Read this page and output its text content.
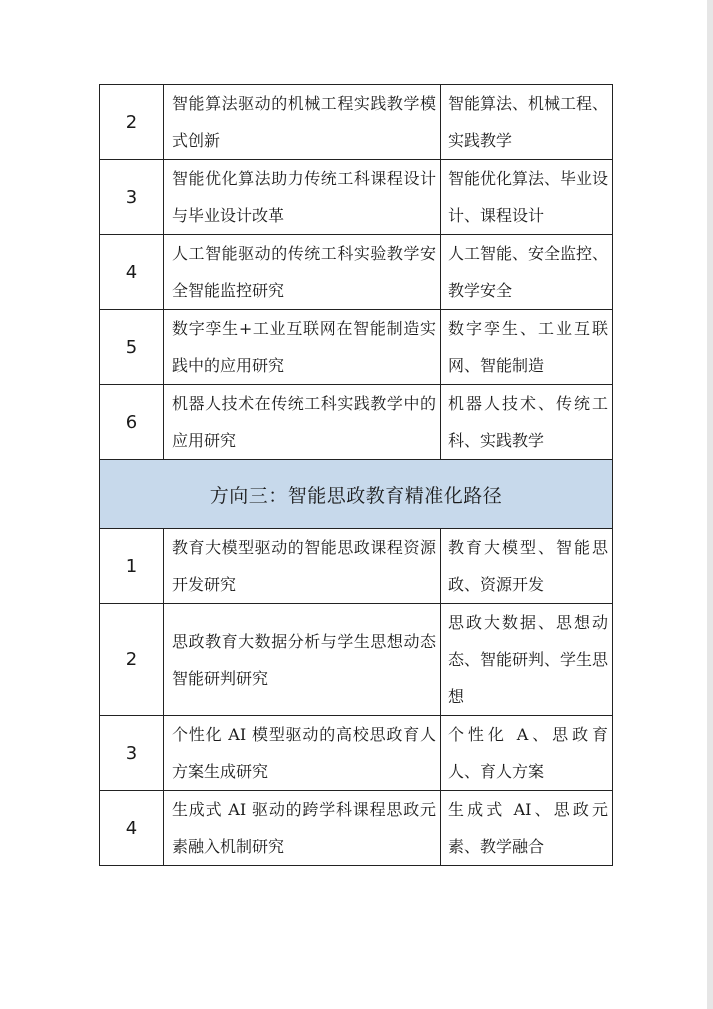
2	智能算法驱动的机械工程实践教学模式创新	智能算法、机械工程、实践教学

3	智能优化算法助力传统工科课程设计与毕业设计改革	智能优化算法、毕业设计、课程设计

4	人工智能驱动的传统工科实验教学安全智能监控研究	人工智能、安全监控、教学安全

5	数字孪生+工业互联网在智能制造实践中的应用研究	数字孪生、工业互联网、智能制造

6	机器人技术在传统工科实践教学中的应用研究	机器人技术、传统工科、实践教学

方向三：智能思政教育精准化路径		
1	教育大模型驱动的智能思政课程资源开发研究	教育大模型、智能思政、资源开发

2	思政教育大数据分析与学生思想动态智能研判研究	思政大数据、思想动态、智能研判、学生思想

3	个性化 AI 模型驱动的高校思政育人方案生成研究	个性化 A、思政育人、育人方案

4	生成式 AI 驱动的跨学科课程思政元素融入机制研究	生成式 AI、思政元素、教学融合
